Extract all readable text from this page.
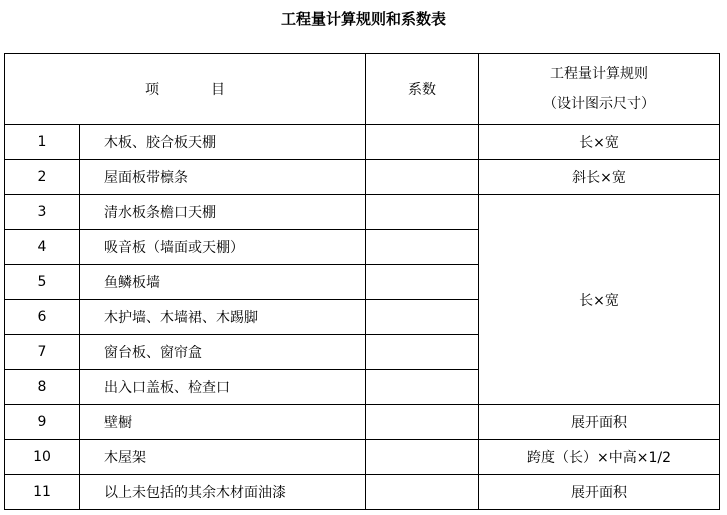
工程量计算规则和系数表
项 目		系数	工程量计算规则
（设计图示尺寸）

1	木板、胶合板天棚		长×宽
2	屋面板带檩条		斜长×宽
3	清水板条檐口天棚		长×宽
4	吸音板（墙面或天棚）		
5	鱼鳞板墙		
6	木护墙、木墙裙、木踢脚		
7	窗台板、窗帘盒		
8	出入口盖板、检查口		
9	壁橱		展开面积
10	木屋架		跨度（长）×中高×1/2
11	以上未包括的其余木材面油漆		展开面积
